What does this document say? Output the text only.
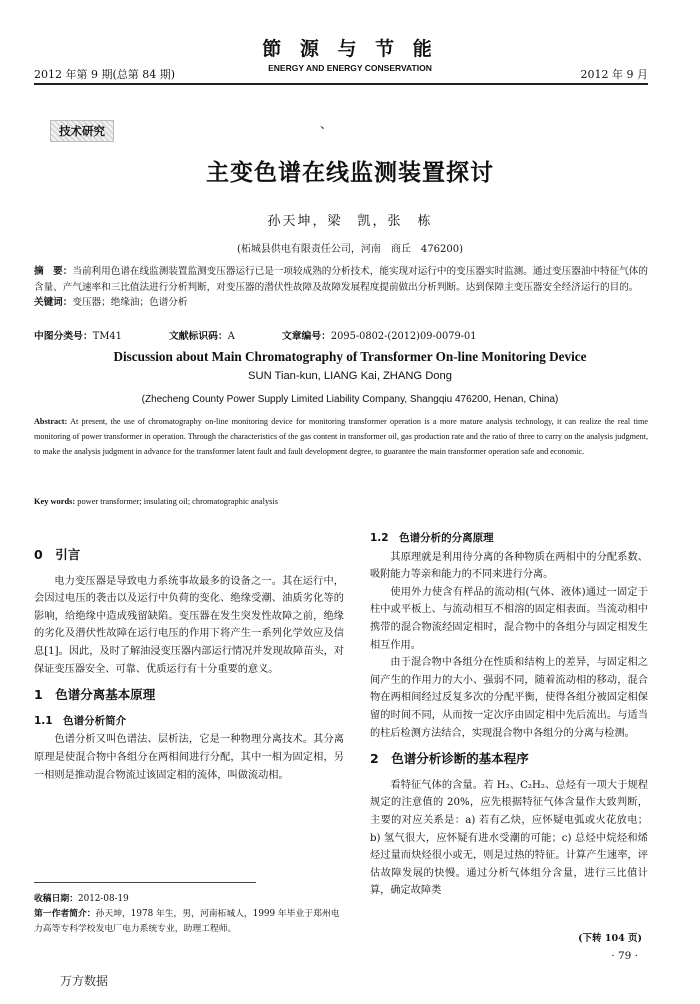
2012 年第 9 期(总第 84 期)
節 源 与 节 能
ENERGY AND ENERGY CONSERVATION	2012 年 9 月
技术研究	、
主变色谱在线监测装置探讨
孙天坤，梁　凯，张　栋
(柘城县供电有限责任公司，河南　商丘　476200)
摘　要：当前利用色谱在线监测装置监测变压器运行已是一项较成熟的分析技术，能实现对运行中的变压器实时监测。通过变压器油中特征气体的含量、产气速率和三比值法进行分析判断，对变压器的潜伏性故障及故障发展程度提前做出分析判断。达到保障主变压器安全经济运行的目的。
关键词：变压器；绝缘油；色谱分析
中图分类号：TM41	文献标识码：A	文章编号：2095-0802-(2012)09-0079-01
Discussion about Main Chromatography of Transformer On-line Monitoring Device
SUN Tian-kun, LIANG Kai, ZHANG Dong
(Zhecheng County Power Supply Limited Liability Company, Shangqiu 476200, Henan, China)
Abstract: At present, the use of chromatography on-line monitoring device for monitoring transformer operation is a more mature analysis technology, it can realize the real time monitoring of power transformer in operation. Through the characteristics of the gas content in transformer oil, gas production rate and the ratio of three to carry on the analysis judgment, to make the analysis judgment in advance for the transformer latent fault and fault development degree, to guarantee the main transformer operation safe and economic.
Key words: power transformer; insulating oil; chromatographic analysis
0　引言
电力变压器是导致电力系统事故最多的设备之一。其在运行中，会因过电压的袭击以及运行中负荷的变化、绝缘受潮、油质劣化等的影响，给绝缘中造成残留缺陷。变压器在发生突发性故障之前，绝缘的劣化及潜伏性故障在运行电压的作用下将产生一系列化学效应及信息[1]。因此，及时了解油浸变压器内部运行情况并发现故障苗头，对保证变压器安全、可靠、优质运行有十分重要的意义。
1　色谱分离基本原理
1.1　色谱分析简介
色谱分析又叫色谱法、层析法，它是一种物理分离技术。其分离原理是使混合物中各组分在两相间进行分配，其中一相为固定相，另一相则是推动混合物流过该固定相的流体，叫做流动相。
1.2　色谱分析的分离原理
其原理就是利用待分离的各种物质在两相中的分配系数、吸附能力等亲和能力的不同来进行分离。
使用外力使含有样品的流动相(气体、液体)通过一固定于柱中或平板上、与流动相互不相溶的固定相表面。当流动相中携带的混合物流经固定相时，混合物中的各组分与固定相发生相互作用。
由于混合物中各组分在性质和结构上的差异，与固定相之间产生的作用力的大小、强弱不同，随着流动相的移动，混合物在两相间经过反复多次的分配平衡，使得各组分被固定相保留的时间不同，从而按一定次序由固定相中先后流出。与适当的柱后检测方法结合，实现混合物中各组分的分离与检测。
2　色谱分析诊断的基本程序
看特征气体的含量。若 H₂、C₂H₂、总烃有一项大于规程规定的注意值的 20%，应先根据特征气体含量作大致判断，主要的对应关系是：a) 若有乙炔，应怀疑电弧或火花放电；b) 氢气很大，应怀疑有进水受潮的可能；c) 总烃中烷烃和烯烃过量而炔烃很小或无，则是过热的特征。计算产生速率，评估故障发展的快慢。通过分析气体组分含量，进行三比值计算，确定故障类
收稿日期：2012-08-19
第一作者简介：孙天坤，1978 年生，男，河南柘城人，1999 年毕业于郑州电力高等专科学校发电厂电力系统专业，助理工程师。
(下转 104 页)
· 79 ·
万方数据
